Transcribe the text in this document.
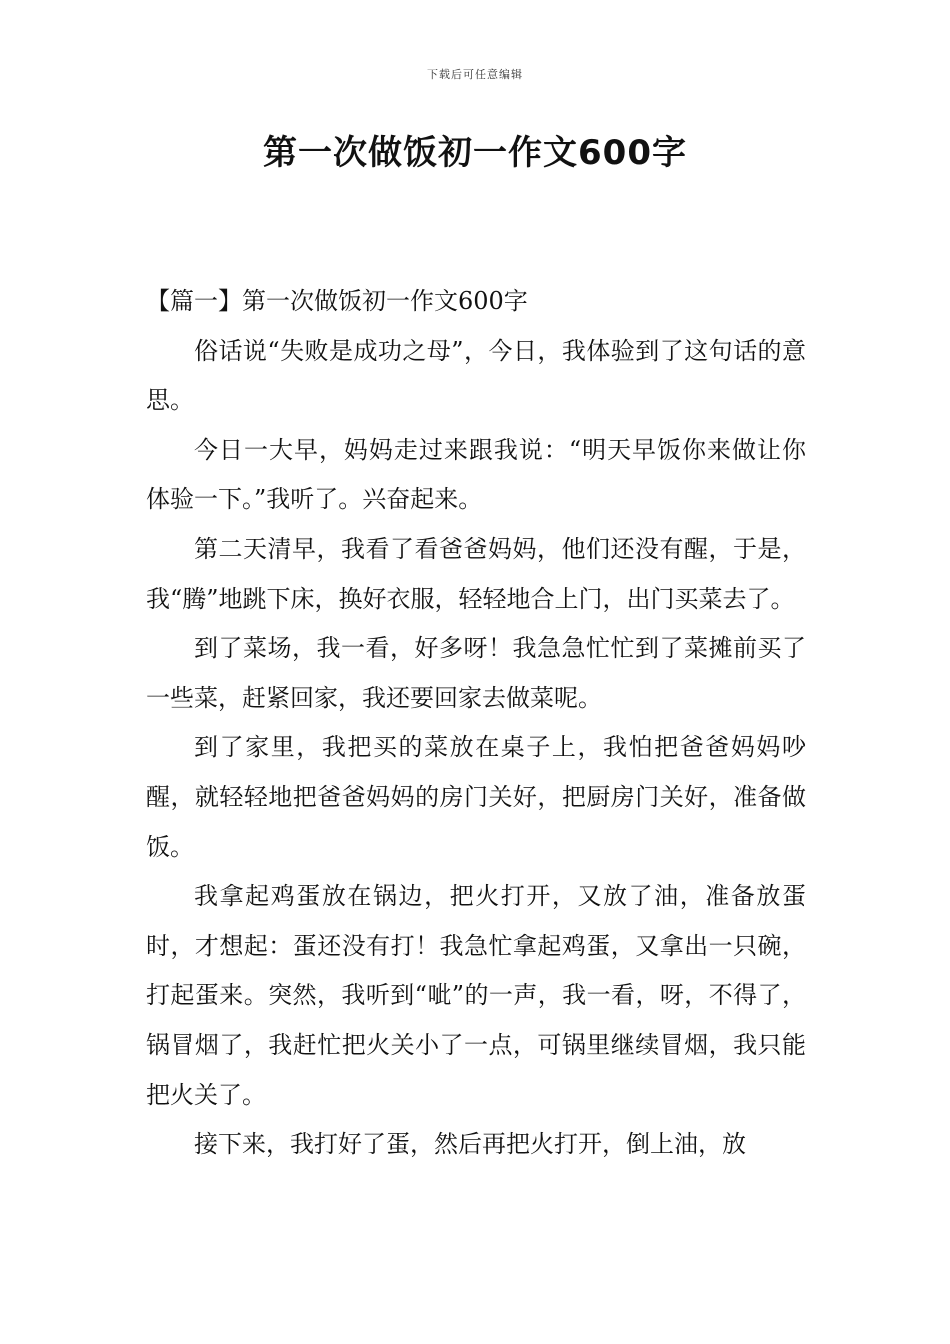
下载后可任意编辑
第一次做饭初一作文600字

【篇一】第一次做饭初一作文600字

俗话说“失败是成功之母”，今日，我体验到了这句话的意思。

今日一大早，妈妈走过来跟我说：“明天早饭你来做让你体验一下。”我听了。兴奋起来。

第二天清早，我看了看爸爸妈妈，他们还没有醒，于是，我“腾”地跳下床，换好衣服，轻轻地合上门，出门买菜去了。

到了菜场，我一看，好多呀！我急急忙忙到了菜摊前买了一些菜，赶紧回家，我还要回家去做菜呢。

到了家里，我把买的菜放在桌子上，我怕把爸爸妈妈吵醒，就轻轻地把爸爸妈妈的房门关好，把厨房门关好，准备做饭。

我拿起鸡蛋放在锅边，把火打开，又放了油，准备放蛋时，才想起：蛋还没有打！我急忙拿起鸡蛋，又拿出一只碗，打起蛋来。突然，我听到“呲”的一声，我一看，呀，不得了，锅冒烟了，我赶忙把火关小了一点，可锅里继续冒烟，我只能把火关了。

接下来，我打好了蛋，然后再把火打开，倒上油，放
